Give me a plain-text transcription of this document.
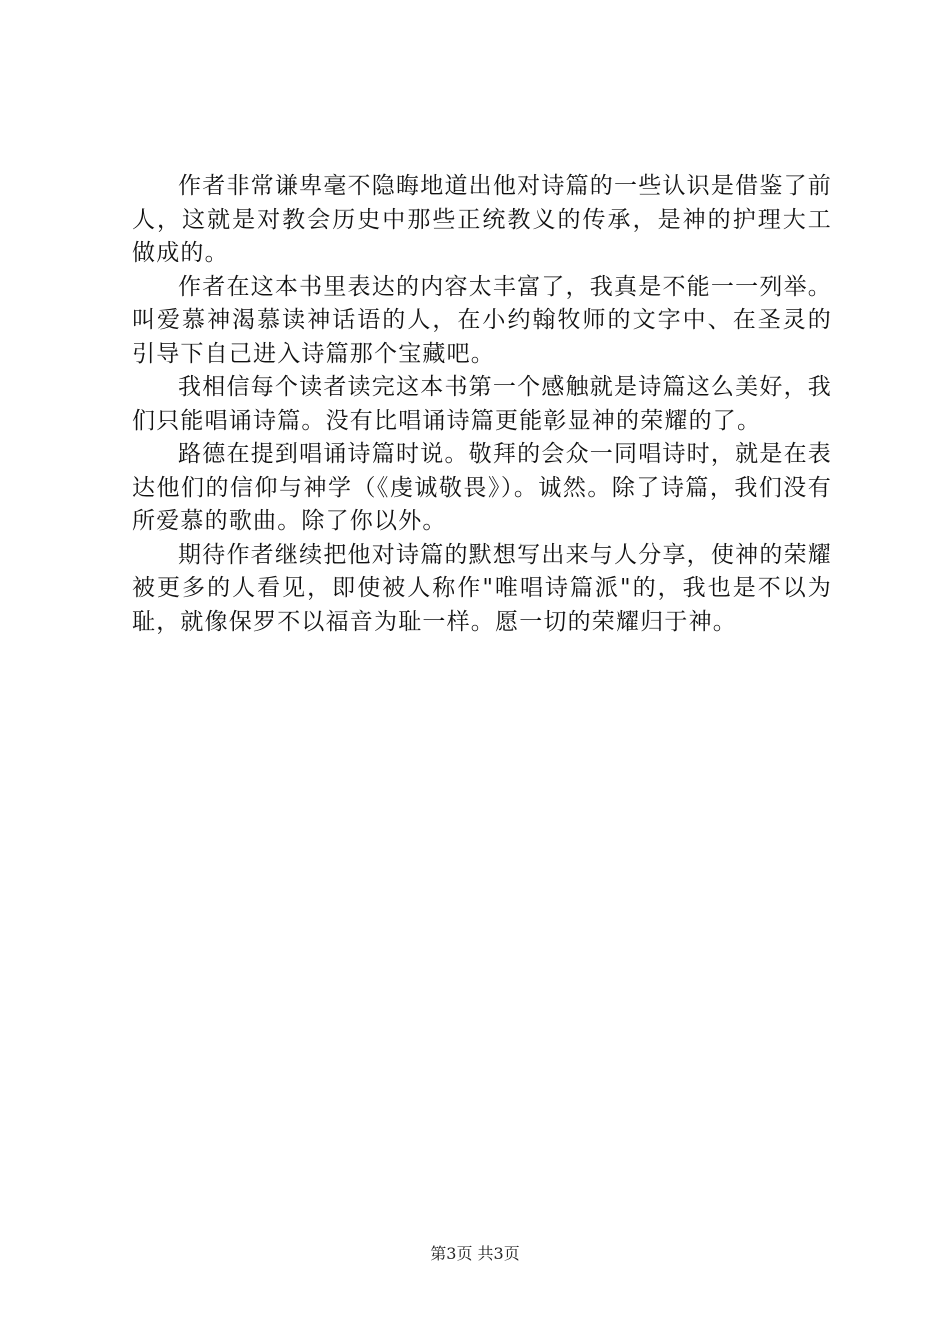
作者非常谦卑毫不隐晦地道出他对诗篇的一些认识是借鉴了前人，这就是对教会历史中那些正统教义的传承，是神的护理大工做成的。

作者在这本书里表达的内容太丰富了，我真是不能一一列举。叫爱慕神渴慕读神话语的人，在小约翰牧师的文字中、在圣灵的引导下自己进入诗篇那个宝藏吧。

我相信每个读者读完这本书第一个感触就是诗篇这么美好，我们只能唱诵诗篇。没有比唱诵诗篇更能彰显神的荣耀的了。

路德在提到唱诵诗篇时说。敬拜的会众一同唱诗时，就是在表达他们的信仰与神学（《虔诚敬畏》）。诚然。除了诗篇，我们没有所爱慕的歌曲。除了你以外。

期待作者继续把他对诗篇的默想写出来与人分享，使神的荣耀被更多的人看见，即使被人称作"唯唱诗篇派"的，我也是不以为耻，就像保罗不以福音为耻一样。愿一切的荣耀归于神。

第3页 共3页
